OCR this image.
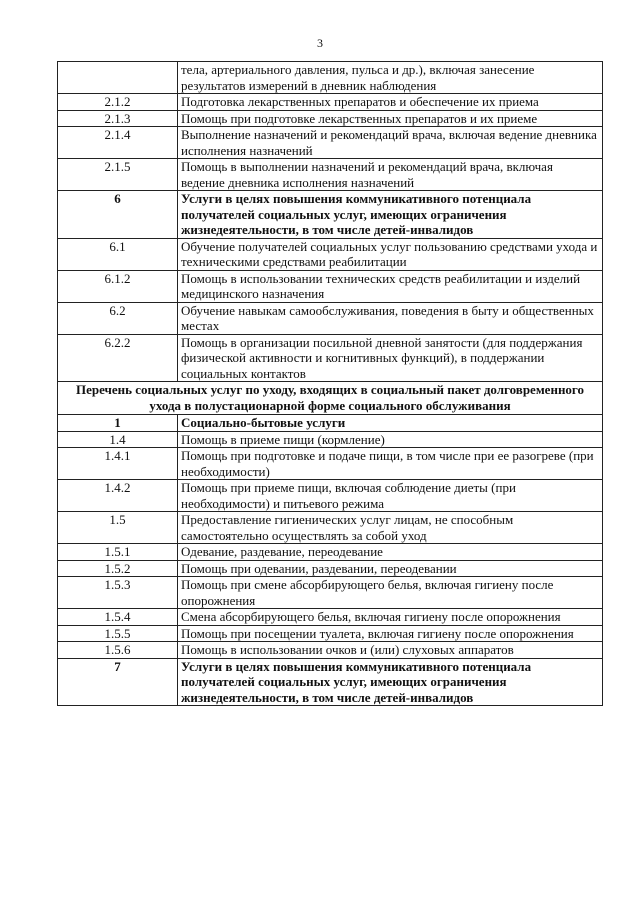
3
	тела, артериального давления, пульса и др.), включая занесение результатов измерений в дневник наблюдения
2.1.2	Подготовка лекарственных препаратов и обеспечение их приема
2.1.3	Помощь при подготовке лекарственных препаратов и их приеме
2.1.4	Выполнение назначений и рекомендаций врача, включая ведение дневника исполнения назначений
2.1.5	Помощь в выполнении назначений и рекомендаций врача, включая ведение дневника исполнения назначений
6	Услуги в целях повышения коммуникативного потенциала получателей социальных услуг, имеющих ограничения жизнедеятельности, в том числе детей-инвалидов
6.1	Обучение получателей социальных услуг пользованию средствами ухода и техническими средствами реабилитации
6.1.2	Помощь в использовании технических средств реабилитации и изделий медицинского назначения
6.2	Обучение навыкам самообслуживания, поведения в быту и общественных местах
6.2.2	Помощь в организации посильной дневной занятости (для поддержания физической активности и когнитивных функций), в поддержании социальных контактов
Перечень социальных услуг по уходу, входящих в социальный пакет долговременного ухода в полустационарной форме социального обслуживания	
1	Социально-бытовые услуги
1.4	Помощь в приеме пищи (кормление)
1.4.1	Помощь при подготовке и подаче пищи, в том числе при ее разогреве (при необходимости)
1.4.2	Помощь при приеме пищи, включая соблюдение диеты (при необходимости) и питьевого режима
1.5	Предоставление гигиенических услуг лицам, не способным самостоятельно осуществлять за собой уход
1.5.1	Одевание, раздевание, переодевание
1.5.2	Помощь при одевании, раздевании, переодевании
1.5.3	Помощь при смене абсорбирующего белья, включая гигиену после опорожнения
1.5.4	Смена абсорбирующего белья, включая гигиену после опорожнения
1.5.5	Помощь при посещении туалета, включая гигиену после опорожнения
1.5.6	Помощь в использовании очков и (или) слуховых аппаратов
7	Услуги в целях повышения коммуникативного потенциала получателей социальных услуг, имеющих ограничения жизнедеятельности, в том числе детей-инвалидов
